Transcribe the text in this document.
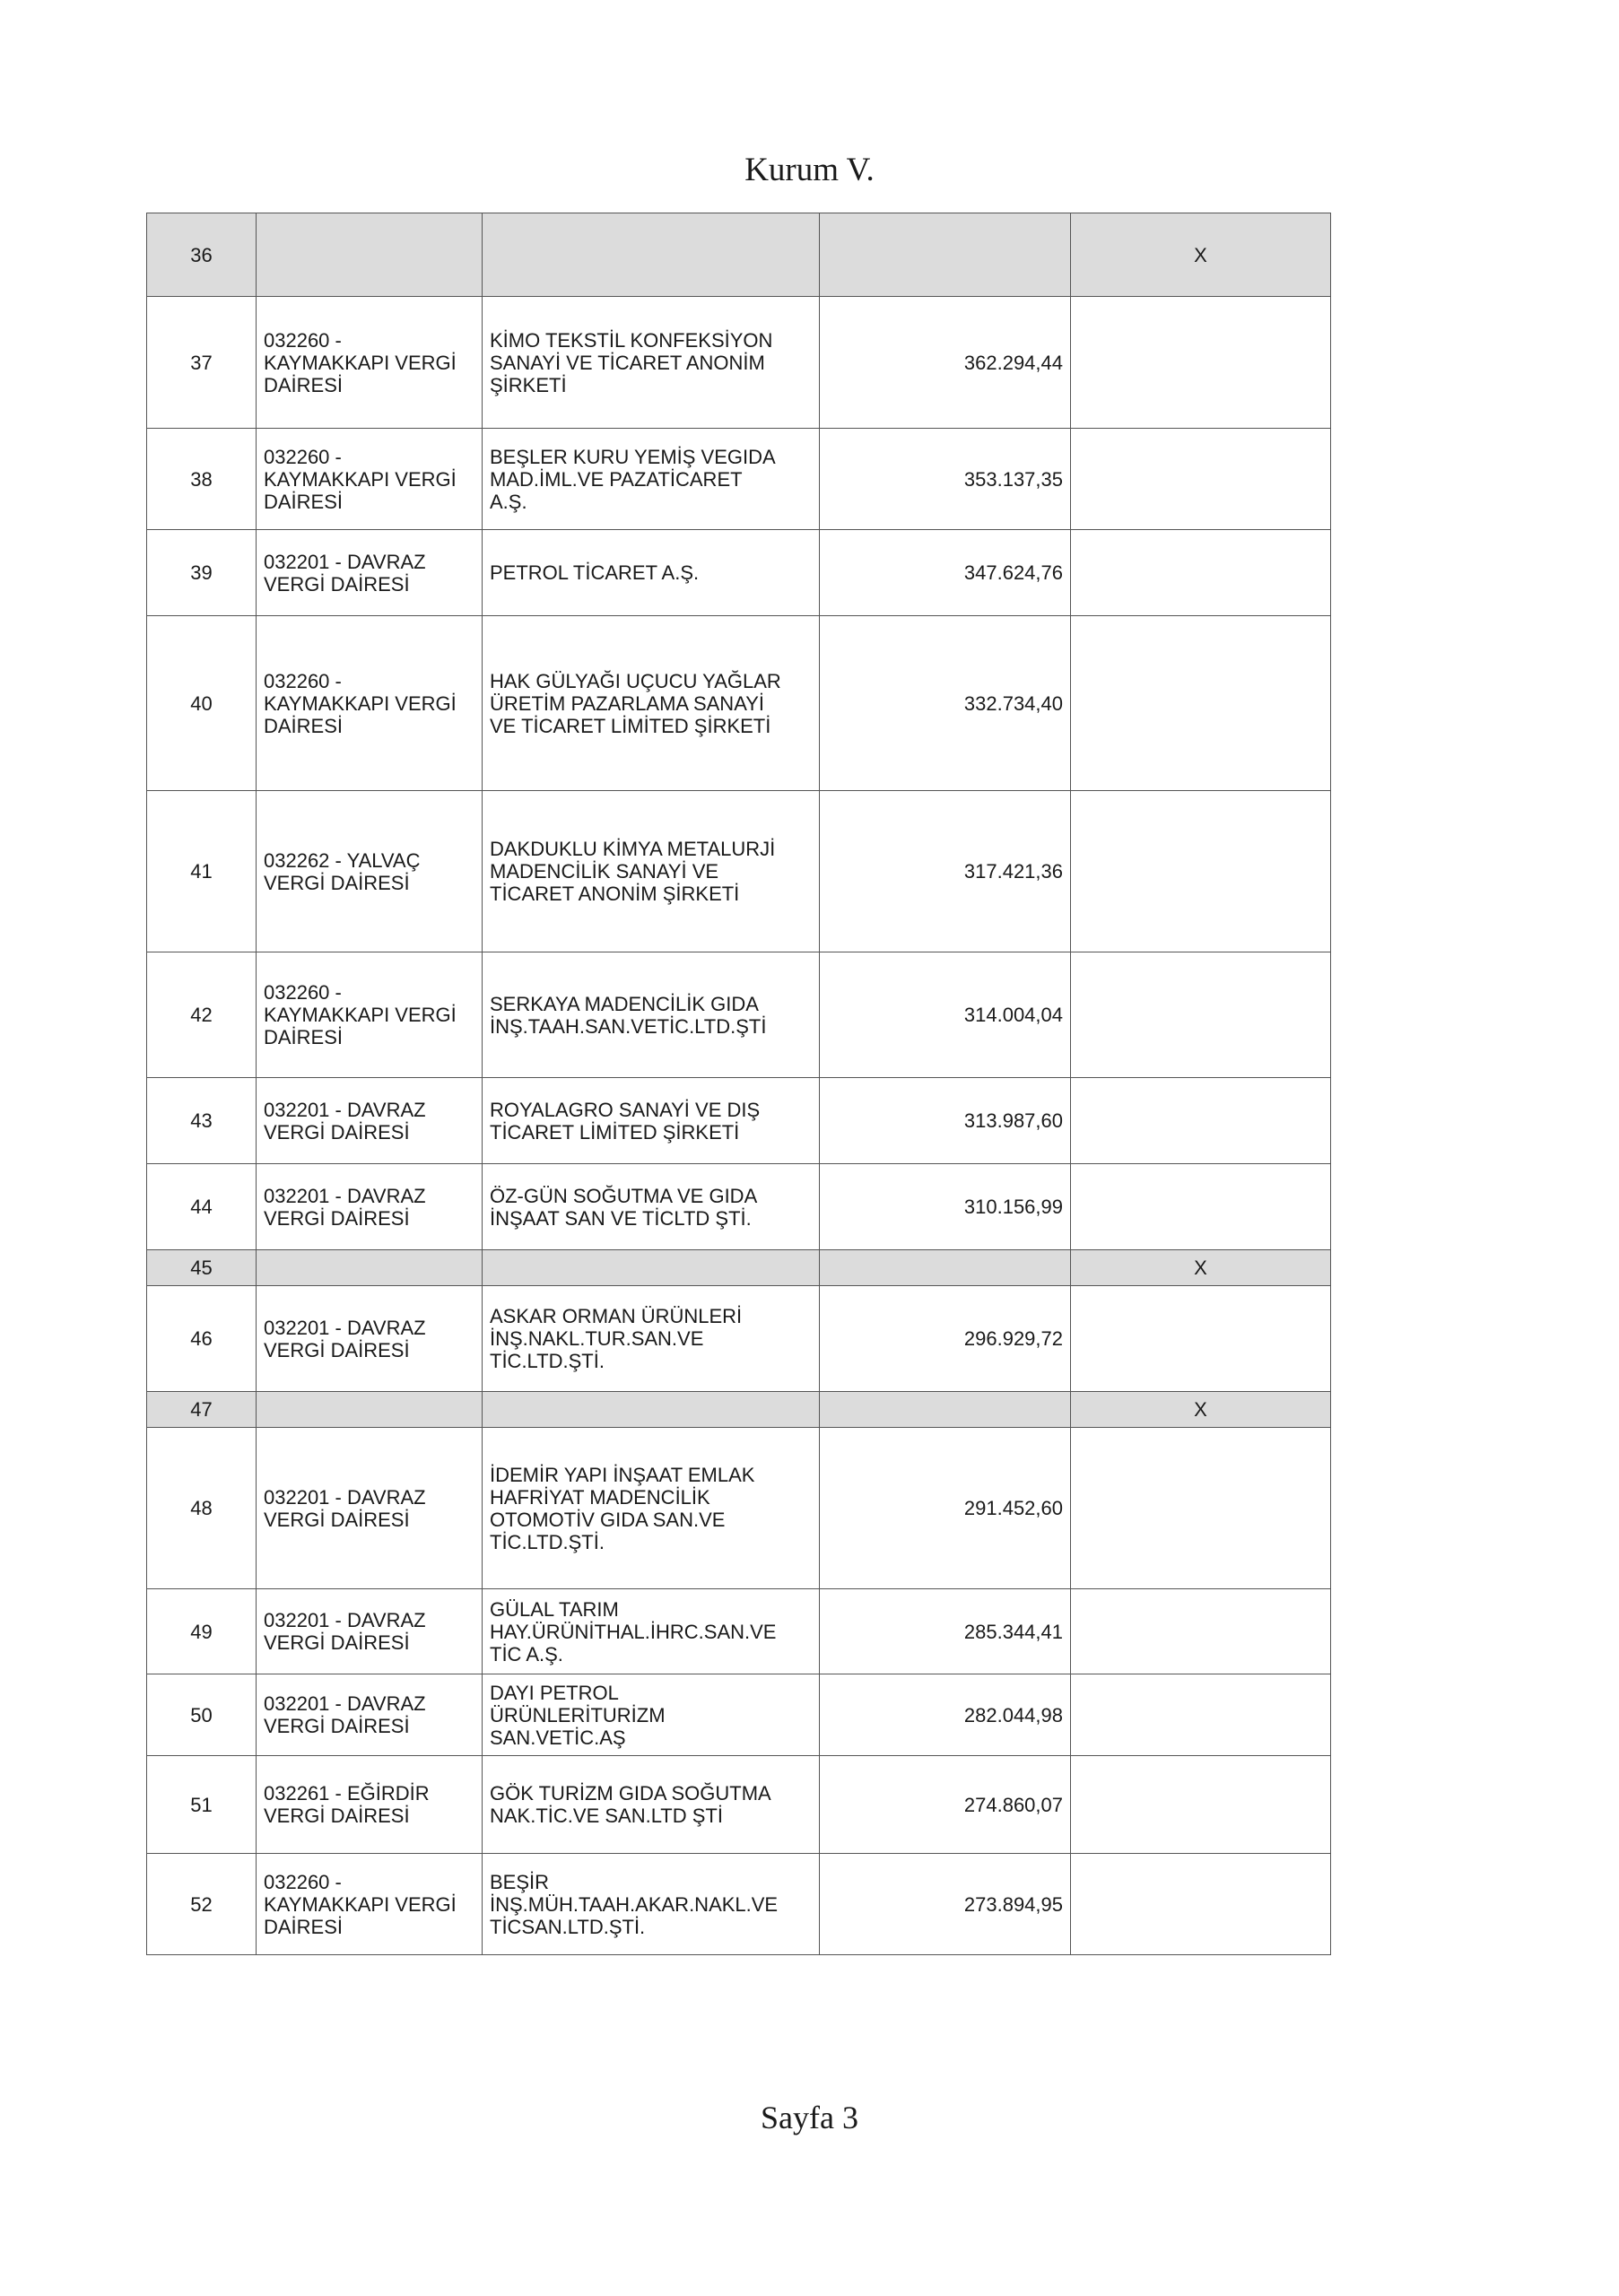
Kurum V.
36				X
37	032260 -
KAYMAKKAPI VERGİ
DAİRESİ	KİMO TEKSTİL KONFEKSİYON
SANAYİ VE TİCARET ANONİM
ŞİRKETİ	362.294,44	
38	032260 -
KAYMAKKAPI VERGİ
DAİRESİ	BEŞLER KURU YEMİŞ VEGIDA
MAD.İML.VE PAZATİCARET
A.Ş.	353.137,35	
39	032201 - DAVRAZ
VERGİ DAİRESİ	PETROL TİCARET A.Ş.	347.624,76	
40	032260 -
KAYMAKKAPI VERGİ
DAİRESİ	HAK GÜLYAĞI UÇUCU YAĞLAR
ÜRETİM PAZARLAMA SANAYİ
VE TİCARET LİMİTED ŞİRKETİ	332.734,40	
41	032262 - YALVAÇ
VERGİ DAİRESİ	DAKDUKLU KİMYA METALURJİ
MADENCİLİK SANAYİ VE
TİCARET ANONİM ŞİRKETİ	317.421,36	
42	032260 -
KAYMAKKAPI VERGİ
DAİRESİ	SERKAYA MADENCİLİK GIDA
İNŞ.TAAH.SAN.VETİC.LTD.ŞTİ	314.004,04	
43	032201 - DAVRAZ
VERGİ DAİRESİ	ROYALAGRO SANAYİ VE DIŞ
TİCARET LİMİTED ŞİRKETİ	313.987,60	
44	032201 - DAVRAZ
VERGİ DAİRESİ	ÖZ-GÜN SOĞUTMA VE GIDA
İNŞAAT SAN VE TİCLTD ŞTİ.	310.156,99	
45				X
46	032201 - DAVRAZ
VERGİ DAİRESİ	ASKAR ORMAN ÜRÜNLERİ
İNŞ.NAKL.TUR.SAN.VE
TİC.LTD.ŞTİ.	296.929,72	
47				X
48	032201 - DAVRAZ
VERGİ DAİRESİ	İDEMİR YAPI İNŞAAT EMLAK
HAFRİYAT MADENCİLİK
OTOMOTİV GIDA SAN.VE
TİC.LTD.ŞTİ.	291.452,60	
49	032201 - DAVRAZ
VERGİ DAİRESİ	GÜLAL TARIM
HAY.ÜRÜNİTHAL.İHRC.SAN.VE
TİC A.Ş.	285.344,41	
50	032201 - DAVRAZ
VERGİ DAİRESİ	DAYI PETROL
ÜRÜNLERİTURİZM
SAN.VETİC.AŞ	282.044,98	
51	032261 - EĞİRDİR
VERGİ DAİRESİ	GÖK TURİZM GIDA SOĞUTMA
NAK.TİC.VE SAN.LTD ŞTİ	274.860,07	
52	032260 -
KAYMAKKAPI VERGİ
DAİRESİ	BEŞİR
İNŞ.MÜH.TAAH.AKAR.NAKL.VE
TİCSAN.LTD.ŞTİ.	273.894,95	
Sayfa 3
